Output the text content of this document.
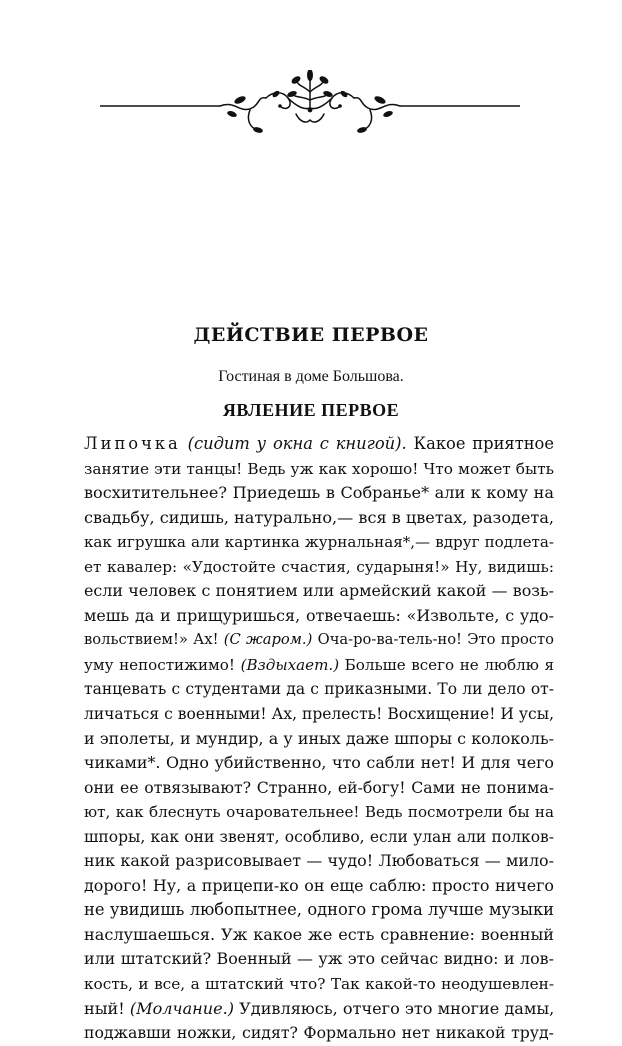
ДЕЙСТВИЕ ПЕРВОЕ

Гостиная в доме Большова.

ЯВЛЕНИЕ ПЕРВОЕ
Липочка (сидит у окна с книгой). Какое приятное
занятие эти танцы! Ведь уж как хорошо! Что может быть
восхитительнее? Приедешь в Собранье* али к кому на
свадьбу, сидишь, натурально,— вся в цветах, разодета,
как игрушка али картинка журнальная*,— вдруг подлета-
ет кавалер: «Удостойте счастия, сударыня!» Ну, видишь:
если человек с понятием или армейский какой — возь-
мешь да и прищуришься, отвечаешь: «Извольте, с удо-
вольствием!» Ах! (С жаром.) Оча-ро-ва-тель-но! Это просто
уму непостижимо! (Вздыхает.) Больше всего не люблю я
танцевать с студентами да с приказными. То ли дело от-
личаться с военными! Ах, прелесть! Восхищение! И усы,
и эполеты, и мундир, а у иных даже шпоры с колоколь-
чиками*. Одно убийственно, что сабли нет! И для чего
они ее отвязывают? Странно, ей-богу! Сами не понима-
ют, как блеснуть очаровательнее! Ведь посмотрели бы на
шпоры, как они звенят, особливо, если улан али полков-
ник какой разрисовывает — чудо! Любоваться — мило-
дорого! Ну, а прицепи-ко он еще саблю: просто ничего
не увидишь любопытнее, одного грома лучше музыки
наслушаешься. Уж какое же есть сравнение: военный
или штатский? Военный — уж это сейчас видно: и лов-
кость, и все, а штатский что? Так какой-то неодушевлен-
ный! (Молчание.) Удивляюсь, отчего это многие дамы,
поджавши ножки, сидят? Формально нет никакой труд-
